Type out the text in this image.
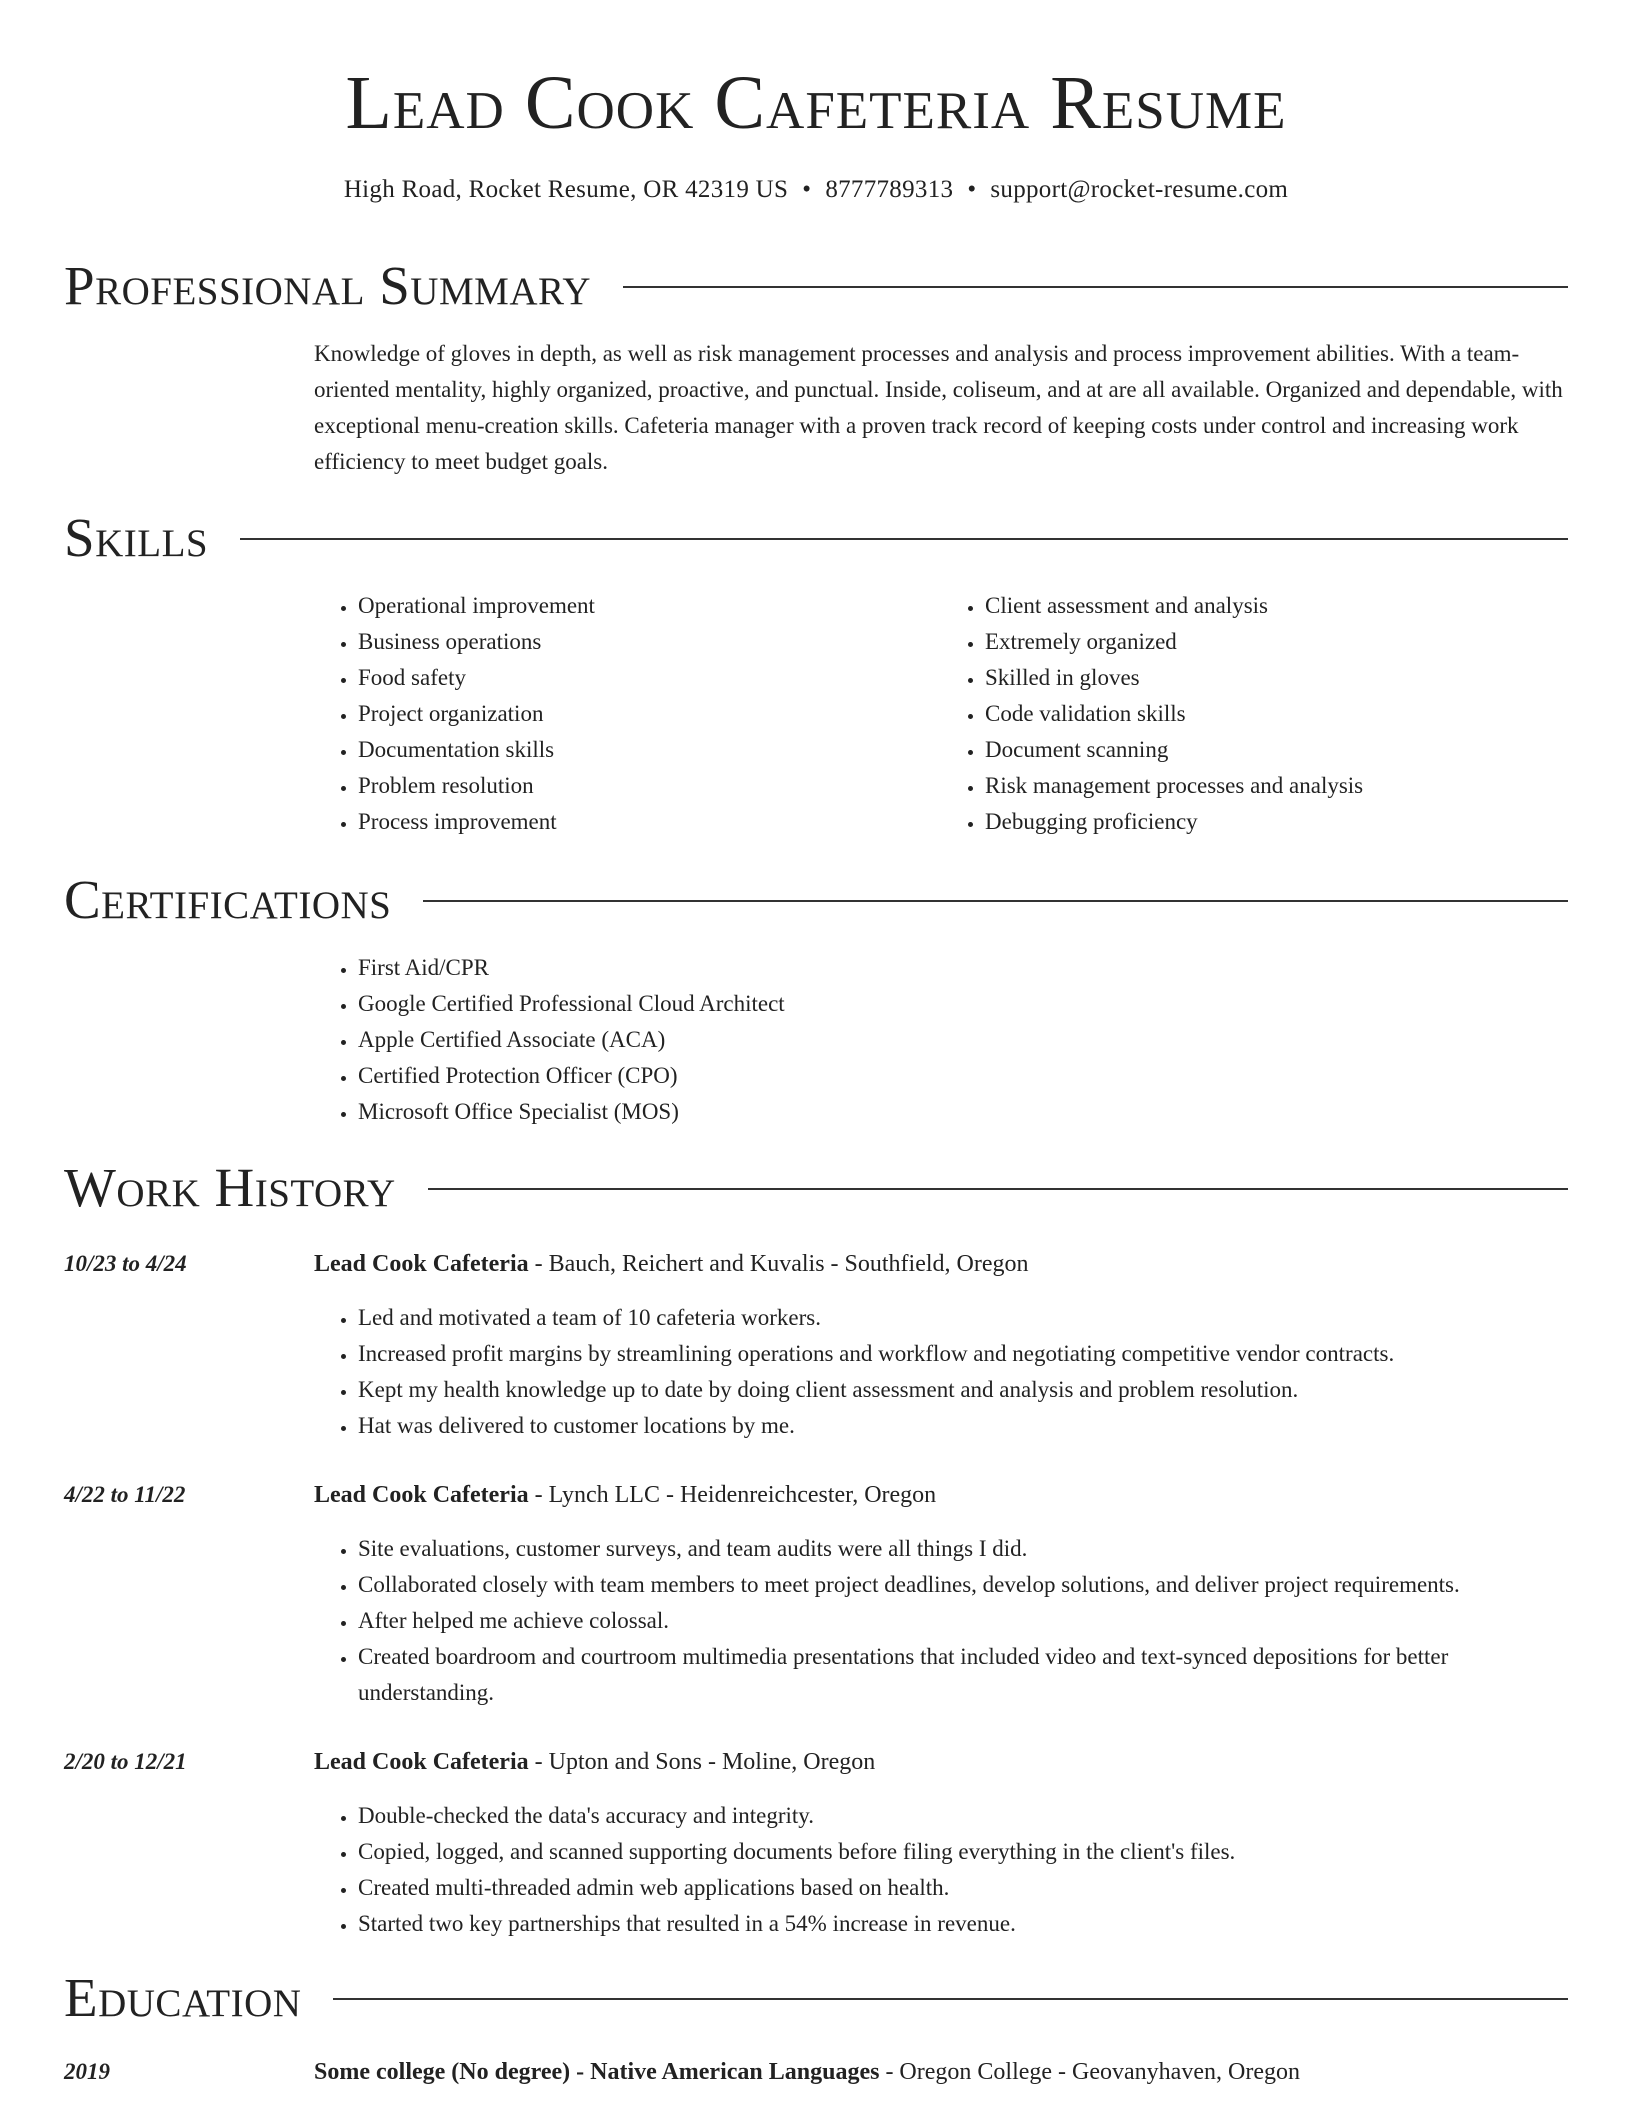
Lead Cook Cafeteria Resume
High Road, Rocket Resume, OR 42319 US • 8777789313 • support@rocket-resume.com
Professional Summary
Knowledge of gloves in depth, as well as risk management processes and analysis and process improvement abilities. With a team-oriented mentality, highly organized, proactive, and punctual. Inside, coliseum, and at are all available. Organized and dependable, with exceptional menu-creation skills. Cafeteria manager with a proven track record of keeping costs under control and increasing work efficiency to meet budget goals.
Skills
• Operational improvement
• Business operations
• Food safety
• Project organization
• Documentation skills
• Problem resolution
• Process improvement
• Client assessment and analysis
• Extremely organized
• Skilled in gloves
• Code validation skills
• Document scanning
• Risk management processes and analysis
• Debugging proficiency
Certifications
• First Aid/CPR
• Google Certified Professional Cloud Architect
• Apple Certified Associate (ACA)
• Certified Protection Officer (CPO)
• Microsoft Office Specialist (MOS)
Work History
10/23 to 4/24	Lead Cook Cafeteria - Bauch, Reichert and Kuvalis - Southfield, Oregon
• Led and motivated a team of 10 cafeteria workers.
• Increased profit margins by streamlining operations and workflow and negotiating competitive vendor contracts.
• Kept my health knowledge up to date by doing client assessment and analysis and problem resolution.
• Hat was delivered to customer locations by me.
4/22 to 11/22	Lead Cook Cafeteria - Lynch LLC - Heidenreichcester, Oregon
• Site evaluations, customer surveys, and team audits were all things I did.
• Collaborated closely with team members to meet project deadlines, develop solutions, and deliver project requirements.
• After helped me achieve colossal.
• Created boardroom and courtroom multimedia presentations that included video and text-synced depositions for better understanding.
2/20 to 12/21	Lead Cook Cafeteria - Upton and Sons - Moline, Oregon
• Double-checked the data's accuracy and integrity.
• Copied, logged, and scanned supporting documents before filing everything in the client's files.
• Created multi-threaded admin web applications based on health.
• Started two key partnerships that resulted in a 54% increase in revenue.
Education
2019	Some college (No degree) - Native American Languages - Oregon College - Geovanyhaven, Oregon
